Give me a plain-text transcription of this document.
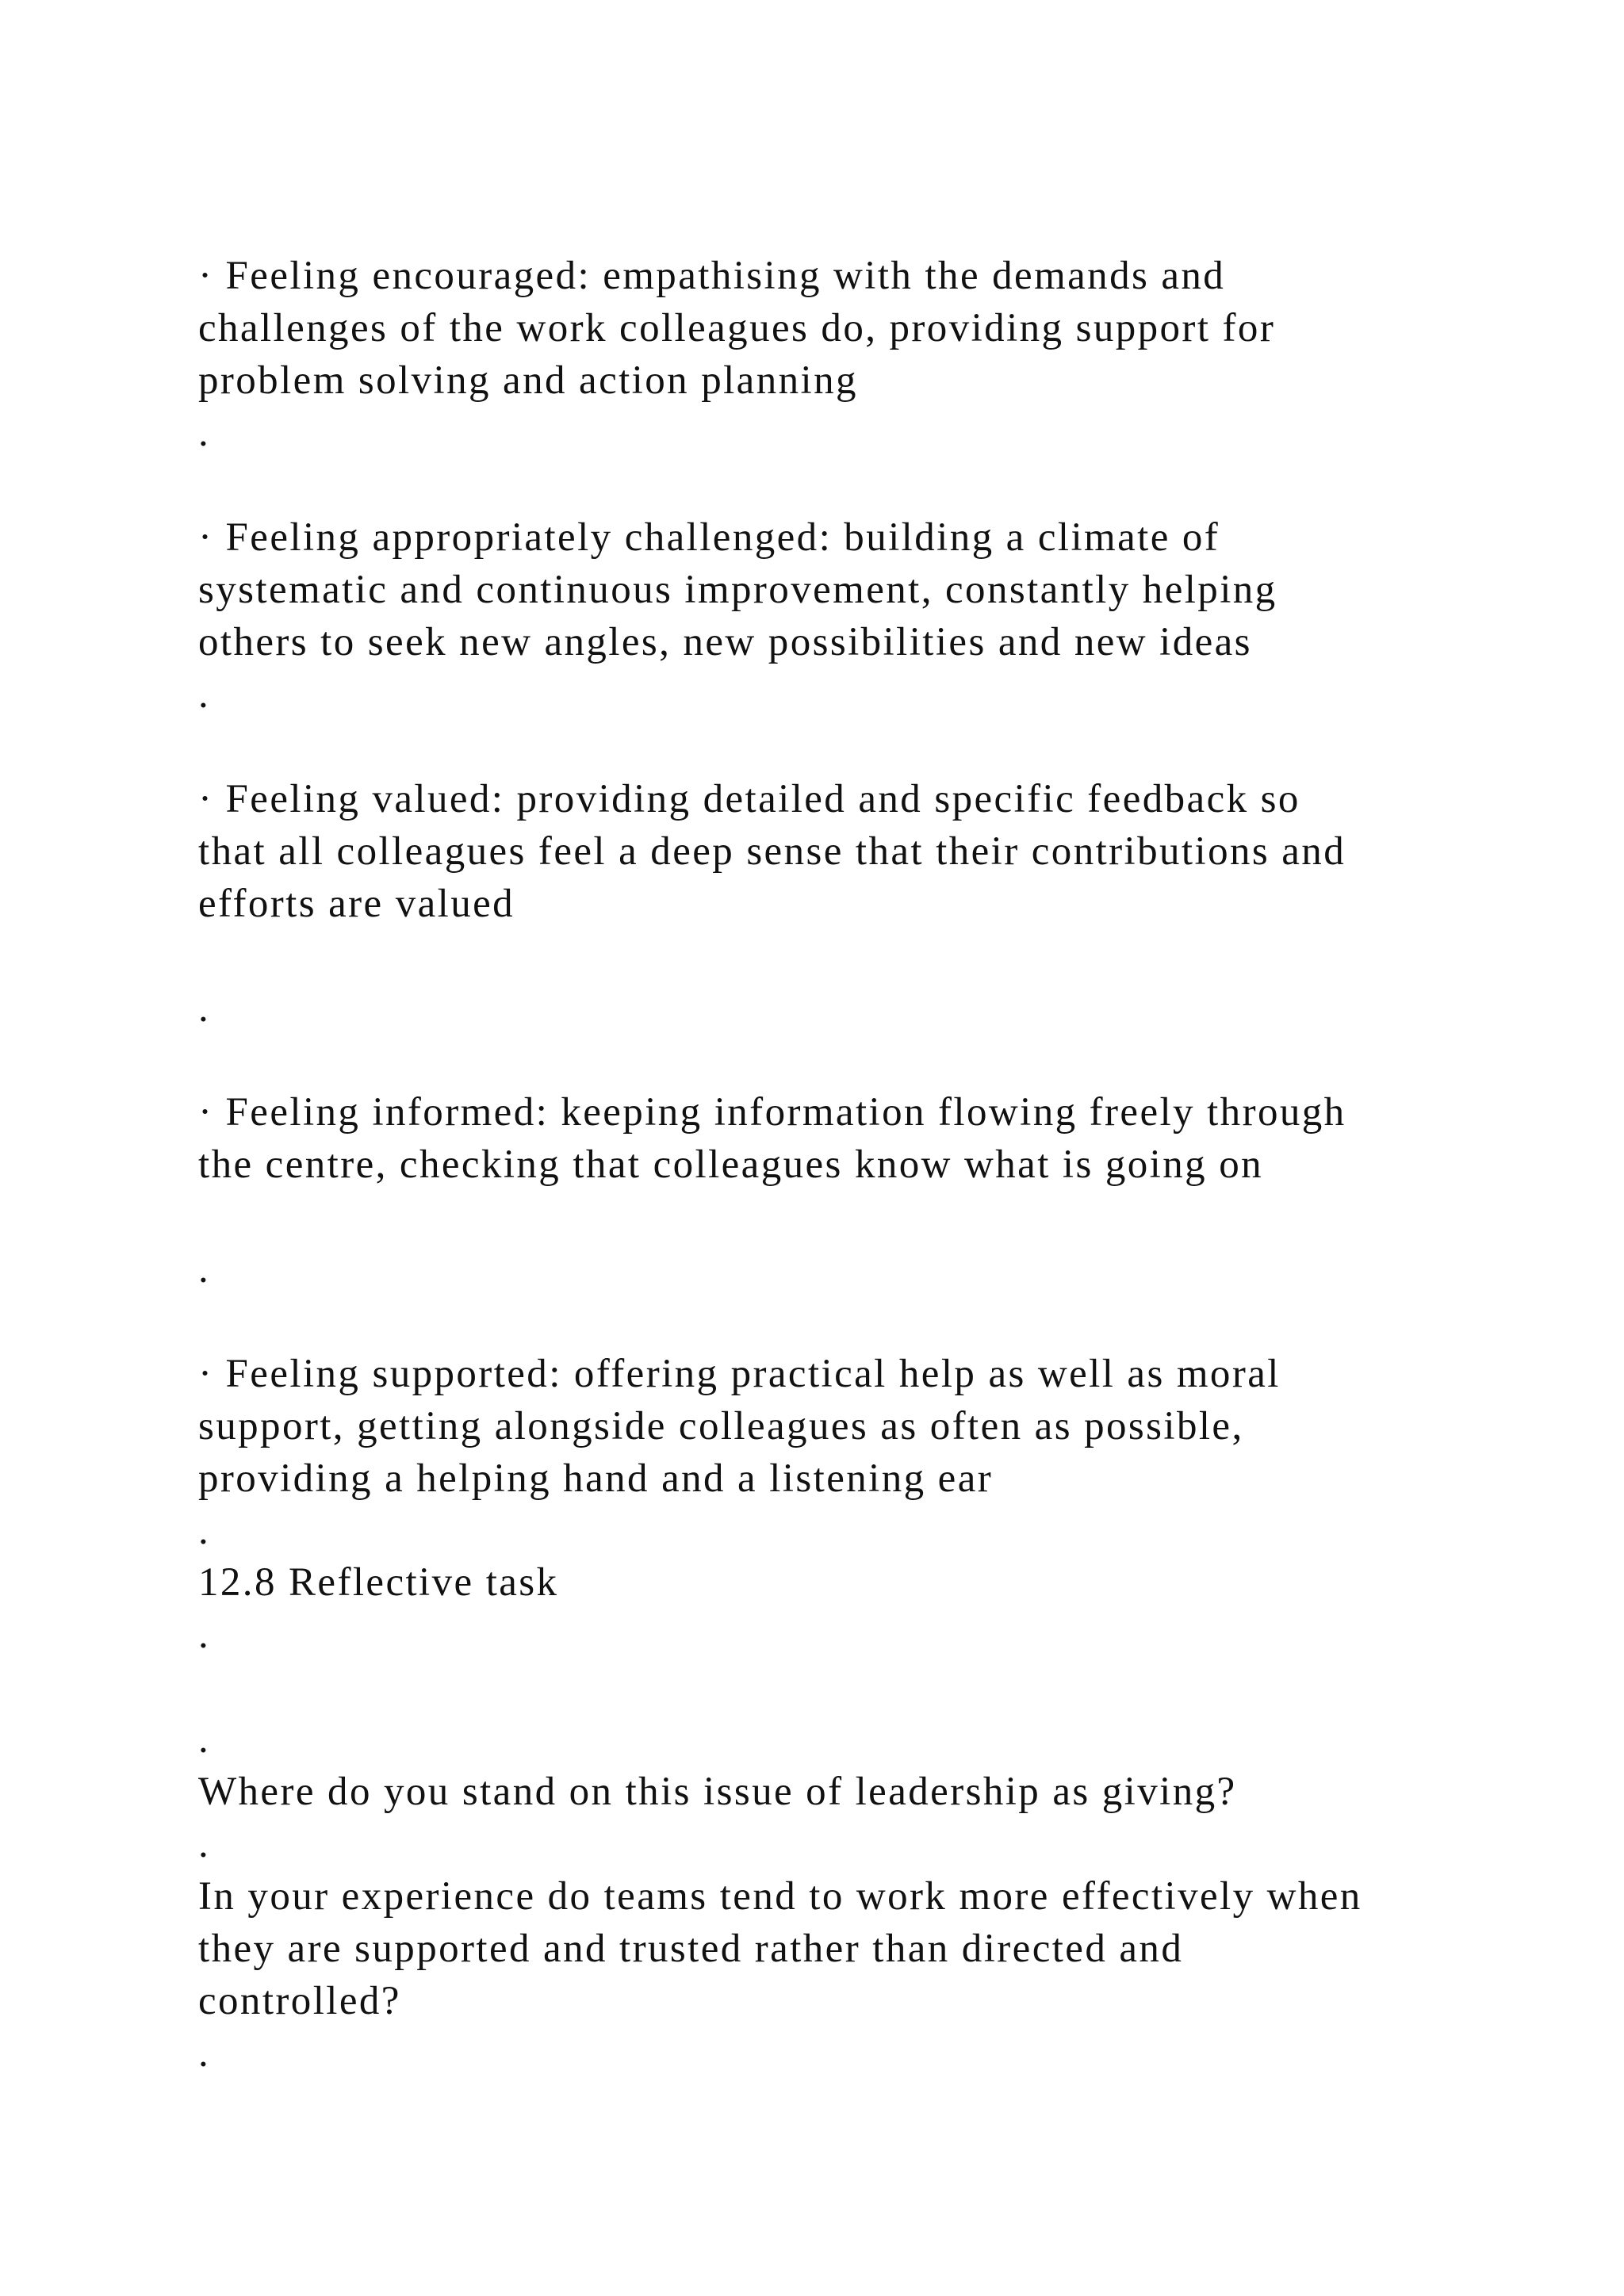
· Feeling encouraged: empathising with the demands and

challenges of the work colleagues do, providing support for

problem solving and action planning

.

· Feeling appropriately challenged: building a climate of

systematic and continuous improvement, constantly helping

others to seek new angles, new possibilities and new ideas

.

· Feeling valued: providing detailed and specific feedback so

that all colleagues feel a deep sense that their contributions and

efforts are valued

.

· Feeling informed: keeping information flowing freely through

the centre, checking that colleagues know what is going on

.

· Feeling supported: offering practical help as well as moral

support, getting alongside colleagues as often as possible,

providing a helping hand and a listening ear

.

12.8 Reflective task

.

.

Where do you stand on this issue of leadership as giving?

.

In your experience do teams tend to work more effectively when

they are supported and trusted rather than directed and

controlled?

.
